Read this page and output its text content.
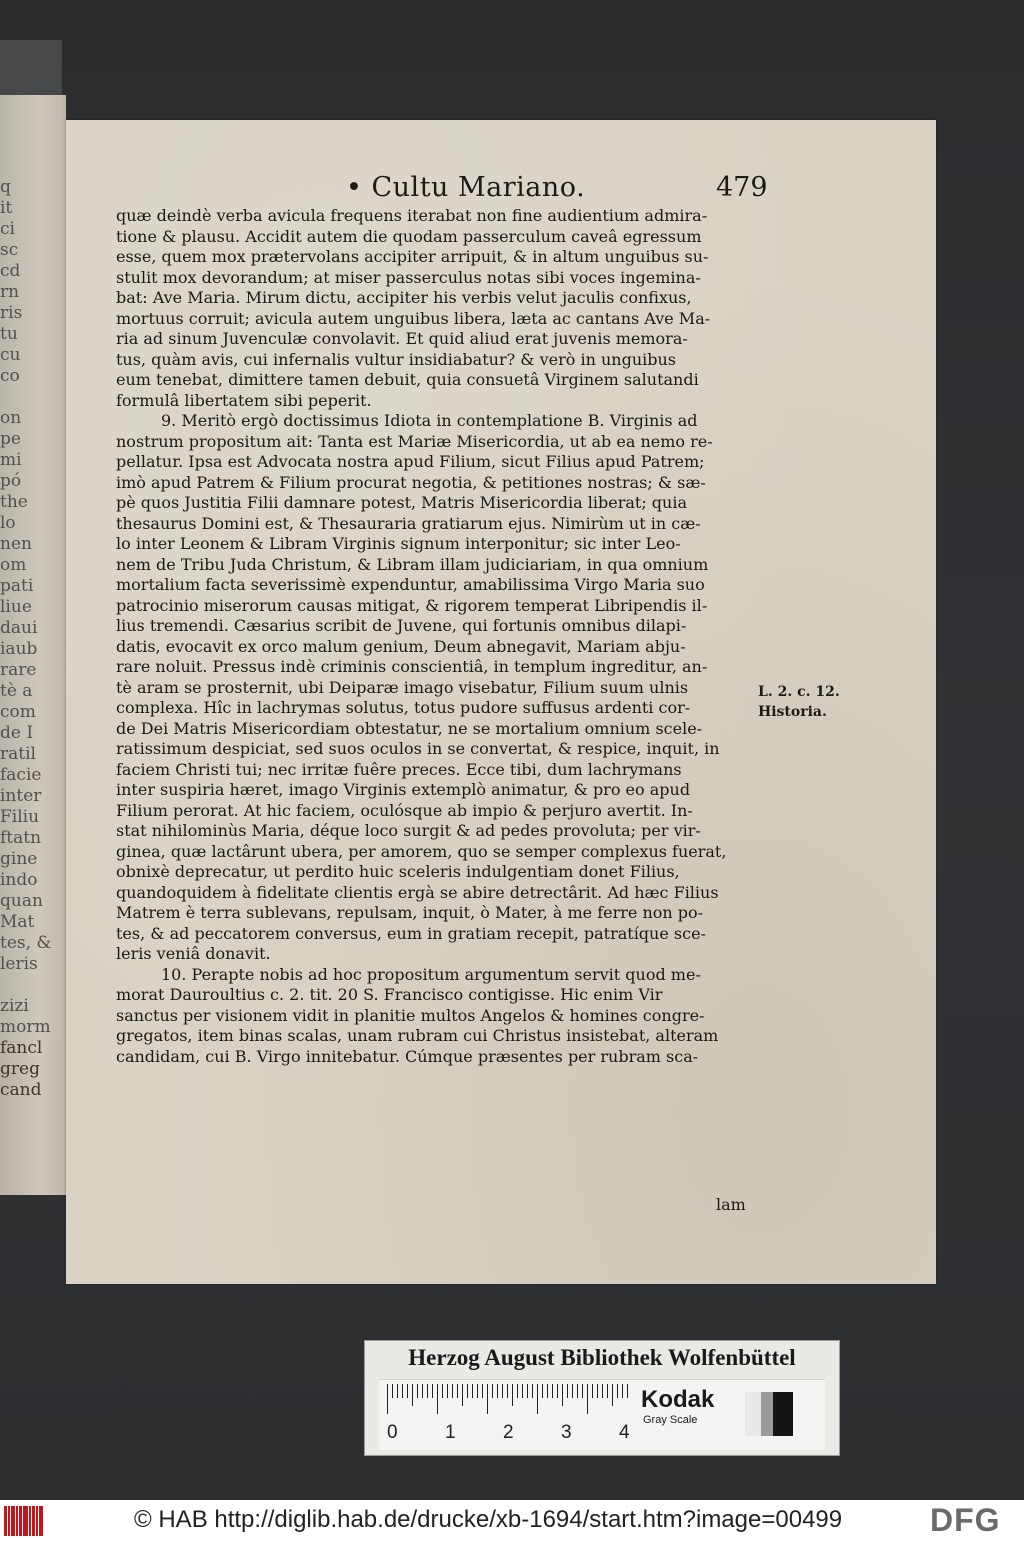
q
it
ci
sc
cd
rn
ris
tu
cu
co
on
pe
mi
pó
the
lo
nen
om
pati
liue
daui
iaub
rare
tè a
com
de I
ratil
facie
inter
Filiu
ftatn
gine
indo
quan
Mat
tes, &
leris
zizi
morm
fancl
greg
cand
• Cultu Mariano.	479
quæ deindè verba avicula frequens iterabat non fine audientium admira-
tione & plausu. Accidit autem die quodam passerculum caveâ egressum
esse, quem mox prætervolans accipiter arripuit, & in altum unguibus su-
stulit mox devorandum; at miser passerculus notas sibi voces ingemina-
bat: Ave Maria. Mirum dictu, accipiter his verbis velut jaculis confixus,
mortuus corruit; avicula autem unguibus libera, læta ac cantans Ave Ma-
ria ad sinum Juvenculæ convolavit. Et quid aliud erat juvenis memora-
tus, quàm avis, cui infernalis vultur insidiabatur? & verò in unguibus
eum tenebat, dimittere tamen debuit, quia consuetâ Virginem salutandi
formulâ libertatem sibi peperit.
9. Meritò ergò doctissimus Idiota in contemplatione B. Virginis ad
nostrum propositum ait: Tanta est Mariæ Misericordia, ut ab ea nemo re-
pellatur. Ipsa est Advocata nostra apud Filium, sicut Filius apud Patrem;
imò apud Patrem & Filium procurat negotia, & petitiones nostras; & sæ-
pè quos Justitia Filii damnare potest, Matris Misericordia liberat; quia
thesaurus Domini est, & Thesauraria gratiarum ejus. Nimirùm ut in cæ-
lo inter Leonem & Libram Virginis signum interponitur; sic inter Leo-
nem de Tribu Juda Christum, & Libram illam judiciariam, in qua omnium
mortalium facta severissimè expenduntur, amabilissima Virgo Maria suo
patrocinio miserorum causas mitigat, & rigorem temperat Libripendis il-
lius tremendi. Cæsarius scribit de Juvene, qui fortunis omnibus dilapi-
datis, evocavit ex orco malum genium, Deum abnegavit, Mariam abju-
rare noluit. Pressus indè criminis conscientiâ, in templum ingreditur, an-
tè aram se prosternit, ubi Deiparæ imago visebatur, Filium suum ulnis
complexa. Hîc in lachrymas solutus, totus pudore suffusus ardenti cor-
de Dei Matris Misericordiam obtestatur, ne se mortalium omnium scele-
ratissimum despiciat, sed suos oculos in se convertat, & respice, inquit, in
faciem Christi tui; nec irritæ fuêre preces. Ecce tibi, dum lachrymans
inter suspiria hæret, imago Virginis extemplò animatur, & pro eo apud
Filium perorat. At hic faciem, oculósque ab impio & perjuro avertit. In-
stat nihilominùs Maria, déque loco surgit & ad pedes provoluta; per vir-
ginea, quæ lactârunt ubera, per amorem, quo se semper complexus fuerat,
obnixè deprecatur, ut perdito huic sceleris indulgentiam donet Filius,
quandoquidem à fidelitate clientis ergà se abire detrectârit. Ad hæc Filius
Matrem è terra sublevans, repulsam, inquit, ò Mater, à me ferre non po-
tes, & ad peccatorem conversus, eum in gratiam recepit, patratíque sce-
leris veniâ donavit.
10. Perapte nobis ad hoc propositum argumentum servit quod me-
morat Dauroultius c. 2. tit. 20 S. Francisco contigisse. Hic enim Vir
sanctus per visionem vidit in planitie multos Angelos & homines congre-
gregatos, item binas scalas, unam rubram cui Christus insistebat, alteram
candidam, cui B. Virgo innitebatur. Cúmque præsentes per rubram sca-
L. 2. c. 12.
Historia.
lam
Herzog August Bibliothek Wolfenbüttel
0 1 2 3 4
Kodak
Gray Scale
© HAB http://diglib.hab.de/drucke/xb-1694/start.htm?image=00499	DFG
